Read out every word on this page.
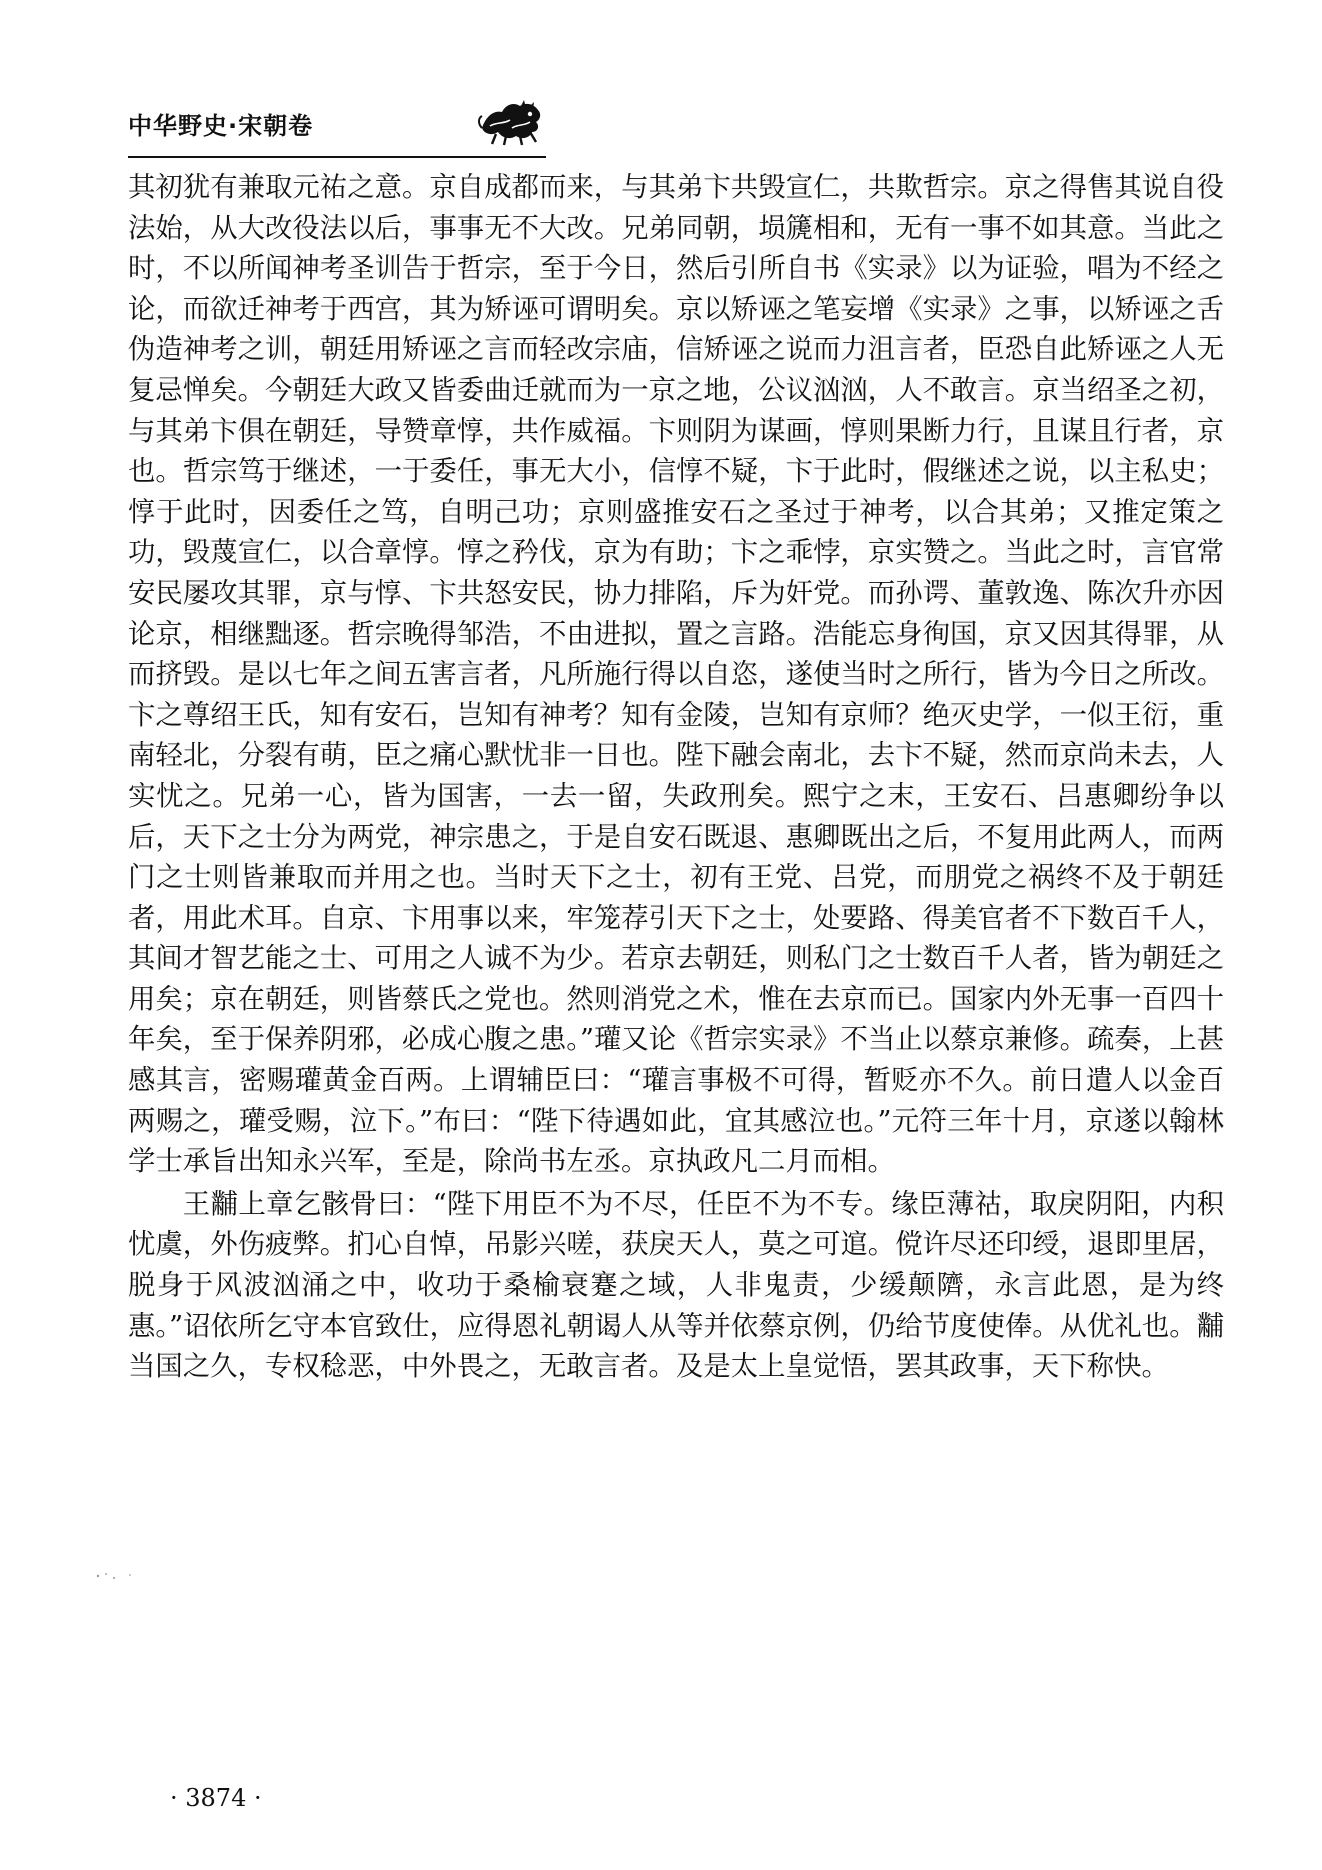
中华野史·宋朝卷

其初犹有兼取元祐之意。京自成都而来，与其弟卞共毁宣仁，共欺哲宗。京之得售其说自役法始，从大改役法以后，事事无不大改。兄弟同朝，埙篪相和，无有一事不如其意。当此之时，不以所闻神考圣训告于哲宗，至于今日，然后引所自书《实录》以为证验，唱为不经之论，而欲迁神考于西宫，其为矫诬可谓明矣。京以矫诬之笔妄增《实录》之事，以矫诬之舌伪造神考之训，朝廷用矫诬之言而轻改宗庙，信矫诬之说而力沮言者，臣恐自此矫诬之人无复忌惮矣。今朝廷大政又皆委曲迁就而为一京之地，公议汹汹，人不敢言。京当绍圣之初，与其弟卞俱在朝廷，导赞章惇，共作威福。卞则阴为谋画，惇则果断力行，且谋且行者，京也。哲宗笃于继述，一于委任，事无大小，信惇不疑，卞于此时，假继述之说，以主私史；惇于此时，因委任之笃，自明己功；京则盛推安石之圣过于神考，以合其弟；又推定策之功，毁蔑宣仁，以合章惇。惇之矜伐，京为有助；卞之乖悖，京实赞之。当此之时，言官常安民屡攻其罪，京与惇、卞共怒安民，协力排陷，斥为奸党。而孙谔、董敦逸、陈次升亦因论京，相继黜逐。哲宗晚得邹浩，不由进拟，置之言路。浩能忘身徇国，京又因其得罪，从而挤毁。是以七年之间五害言者，凡所施行得以自恣，遂使当时之所行，皆为今日之所改。卞之尊绍王氏，知有安石，岂知有神考？知有金陵，岂知有京师？绝灭史学，一似王衍，重南轻北，分裂有萌，臣之痛心默忧非一日也。陛下融会南北，去卞不疑，然而京尚未去，人实忧之。兄弟一心，皆为国害，一去一留，失政刑矣。熙宁之末，王安石、吕惠卿纷争以后，天下之士分为两党，神宗患之，于是自安石既退、惠卿既出之后，不复用此两人，而两门之士则皆兼取而并用之也。当时天下之士，初有王党、吕党，而朋党之祸终不及于朝廷者，用此术耳。自京、卞用事以来，牢笼荐引天下之士，处要路、得美官者不下数百千人，其间才智艺能之士、可用之人诚不为少。若京去朝廷，则私门之士数百千人者，皆为朝廷之用矣；京在朝廷，则皆蔡氏之党也。然则消党之术，惟在去京而已。国家内外无事一百四十年矣，至于保养阴邪，必成心腹之患。”瓘又论《哲宗实录》不当止以蔡京兼修。疏奏，上甚感其言，密赐瓘黄金百两。上谓辅臣曰：“瓘言事极不可得，暂贬亦不久。前日遣人以金百两赐之，瓘受赐，泣下。”布曰：“陛下待遇如此，宜其感泣也。”元符三年十月，京遂以翰林学士承旨出知永兴军，至是，除尚书左丞。京执政凡二月而相。

王黼上章乞骸骨曰：“陛下用臣不为不尽，任臣不为不专。缘臣薄祜，取戾阴阳，内积忧虞，外伤疲弊。扪心自悼，吊影兴嗟，获戾天人，莫之可逭。傥许尽还印绶，退即里居，脱身于风波汹涌之中，收功于桑榆衰蹇之域，人非鬼责，少缓颠隮，永言此恩，是为终惠。”诏依所乞守本官致仕，应得恩礼朝谒人从等并依蔡京例，仍给节度使俸。从优礼也。黼当国之久，专权稔恶，中外畏之，无敢言者。及是太上皇觉悟，罢其政事，天下称快。

· 3874 ·
